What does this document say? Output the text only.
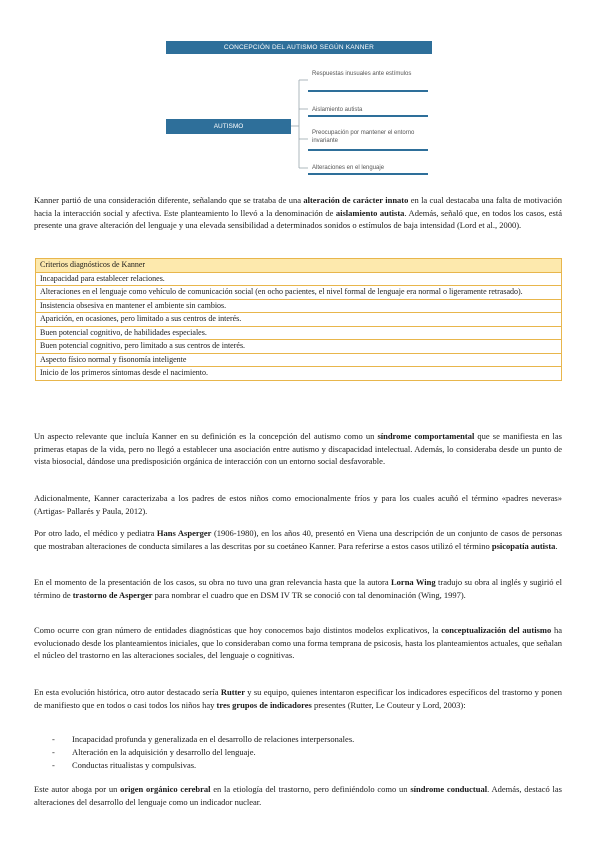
CONCEPCIÓN DEL AUTISMO SEGÚN KANNER
AUTISMO
Respuestas inusuales ante estímulos
Aislamiento autista
Preocupación por mantener el entorno invariante
Alteraciones en el lenguaje

Kanner partió de una consideración diferente, señalando que se trataba de una alteración de carácter innato en la cual destacaba una falta de motivación hacia la interacción social y afectiva. Este planteamiento lo llevó a la denominación de aislamiento autista. Además, señaló que, en todos los casos, está presente una grave alteración del lenguaje y una elevada sensibilidad a determinados sonidos o estímulos de baja intensidad (Lord et al., 2000).

Criterios diagnósticos de Kanner
Incapacidad para establecer relaciones.
Alteraciones en el lenguaje como vehículo de comunicación social (en ocho pacientes, el nivel formal de lenguaje era normal o ligeramente retrasado).
Insistencia obsesiva en mantener el ambiente sin cambios.
Aparición, en ocasiones, pero limitado a sus centros de interés.
Buen potencial cognitivo, de habilidades especiales.
Buen potencial cognitivo, pero limitado a sus centros de interés.
Aspecto físico normal y fisonomía inteligente
Inicio de los primeros síntomas desde el nacimiento.

Un aspecto relevante que incluía Kanner en su definición es la concepción del autismo como un síndrome comportamental que se manifiesta en las primeras etapas de la vida, pero no llegó a establecer una asociación entre autismo y discapacidad intelectual. Además, lo consideraba desde un punto de vista biosocial, dándose una predisposición orgánica de interacción con un entorno social desfavorable.

Adicionalmente, Kanner caracterizaba a los padres de estos niños como emocionalmente fríos y para los cuales acuñó el término «padres neveras» (Artigas- Pallarés y Paula, 2012).

Por otro lado, el médico y pediatra Hans Asperger (1906-1980), en los años 40, presentó en Viena una descripción de un conjunto de casos de personas que mostraban alteraciones de conducta similares a las descritas por su coetáneo Kanner. Para referirse a estos casos utilizó el término psicopatía autista.

En el momento de la presentación de los casos, su obra no tuvo una gran relevancia hasta que la autora Lorna Wing tradujo su obra al inglés y sugirió el término de trastorno de Asperger para nombrar el cuadro que en DSM IV TR se conoció con tal denominación (Wing, 1997).

Como ocurre con gran número de entidades diagnósticas que hoy conocemos bajo distintos modelos explicativos, la conceptualización del autismo ha evolucionado desde los planteamientos iniciales, que lo consideraban como una forma temprana de psicosis, hasta los planteamientos actuales, que señalan el núcleo del trastorno en las alteraciones sociales, del lenguaje o cognitivas.

En esta evolución histórica, otro autor destacado sería Rutter y su equipo, quienes intentaron especificar los indicadores específicos del trastorno y ponen de manifiesto que en todos o casi todos los niños hay tres grupos de indicadores presentes (Rutter, Le Couteur y Lord, 2003):

- Incapacidad profunda y generalizada en el desarrollo de relaciones interpersonales.
- Alteración en la adquisición y desarrollo del lenguaje.
- Conductas ritualistas y compulsivas.

Este autor aboga por un origen orgánico cerebral en la etiología del trastorno, pero definiéndolo como un síndrome conductual. Además, destacó las alteraciones del desarrollo del lenguaje como un indicador nuclear.
